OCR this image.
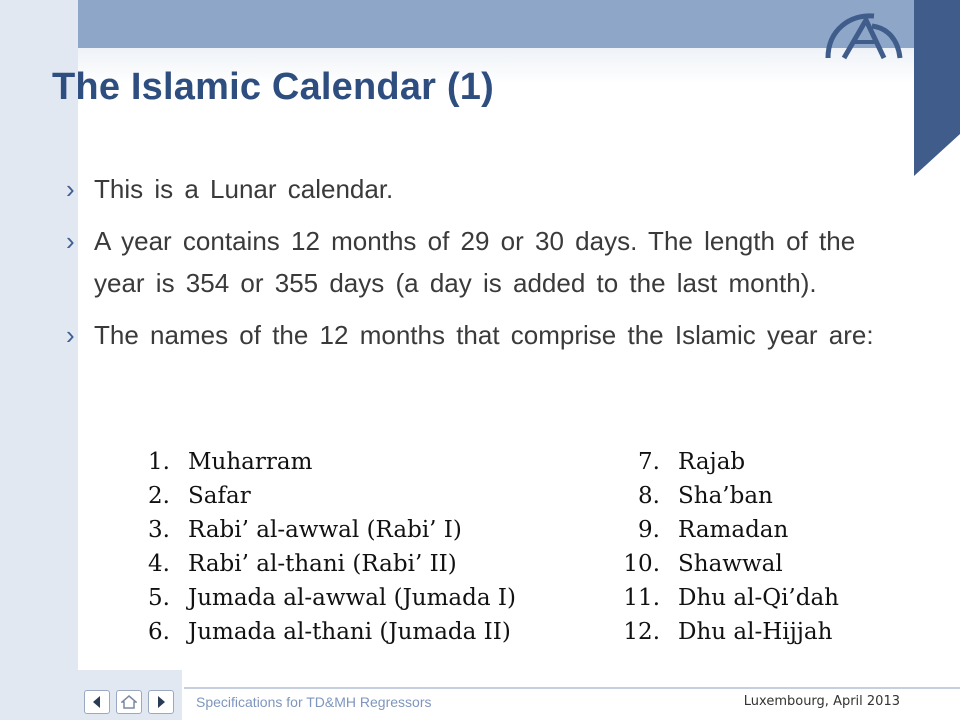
The Islamic Calendar (1)
› This is a Lunar calendar.
› A year contains 12 months of 29 or 30 days. The length of the year is 354 or 355 days (a day is added to the last month).
› The names of the 12 months that comprise the Islamic year are:
1. Muharram
2. Safar
3. Rabi’ al-awwal (Rabi’ I)
4. Rabi’ al-thani (Rabi’ II)
5. Jumada al-awwal (Jumada I)
6. Jumada al-thani (Jumada II)
7. Rajab
8. Sha’ban
9. Ramadan
10. Shawwal
11. Dhu al-Qi’dah
12. Dhu al-Hijjah
Specifications for TD&MH Regressors	Luxembourg, April 2013
